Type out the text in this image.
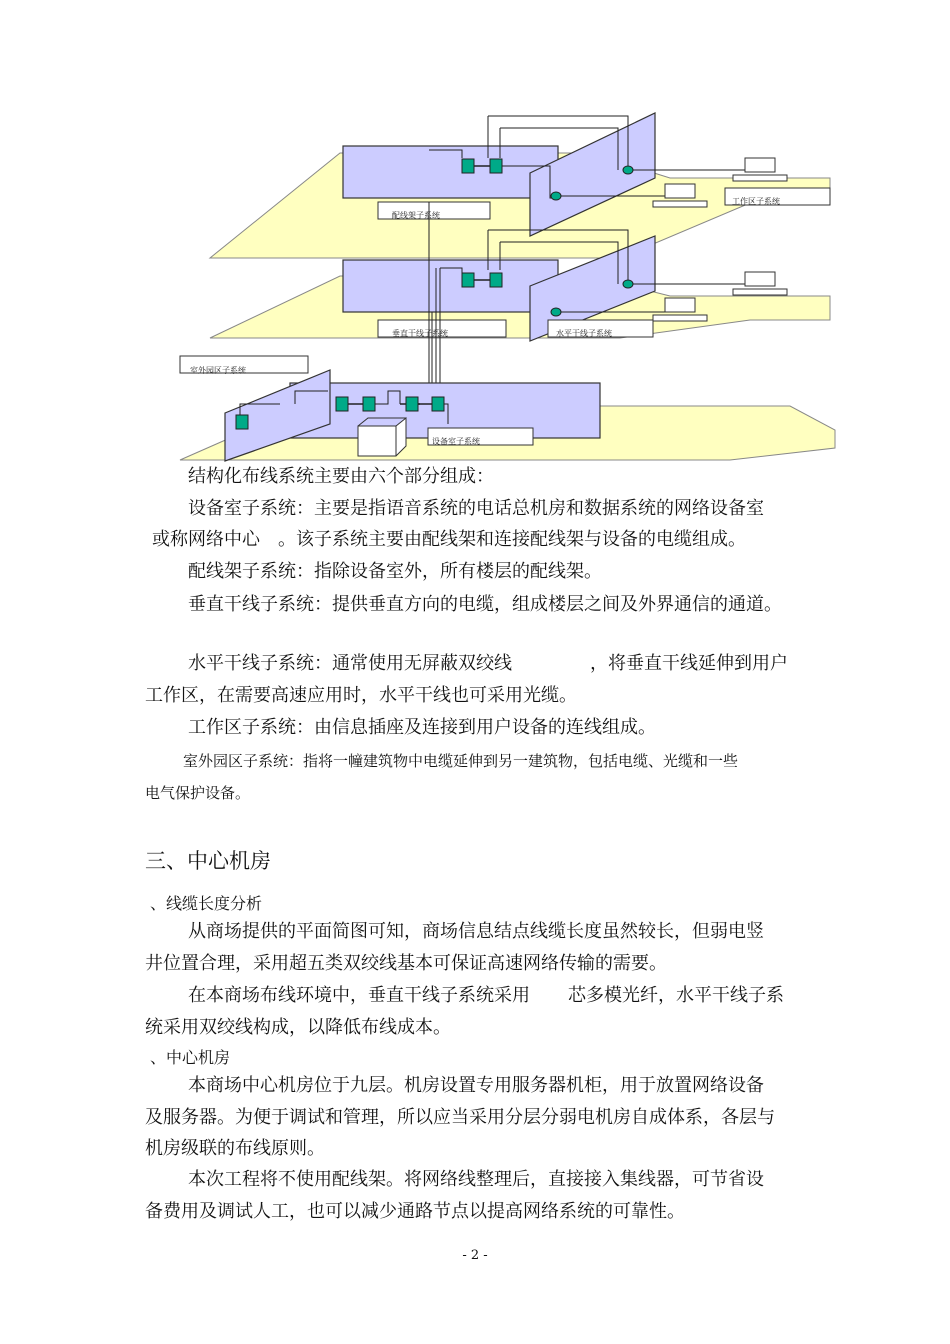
配线架子系统
工作区子系统
垂直干线子系统	水平干线子系统
设备室子系统
室外园区子系统
结构化布线系统主要由六个部分组成：
设备室子系统：主要是指语音系统的电话总机房和数据系统的网络设备室
或称网络中心　。该子系统主要由配线架和连接配线架与设备的电缆组成。
配线架子系统：指除设备室外，所有楼层的配线架。
垂直干线子系统：提供垂直方向的电缆，组成楼层之间及外界通信的通道。
水平干线子系统：通常使用无屏蔽双绞线	，将垂直干线延伸到用户
工作区，在需要高速应用时，水平干线也可采用光缆。
工作区子系统：由信息插座及连接到用户设备的连线组成。
室外园区子系统：指将一幢建筑物中电缆延伸到另一建筑物，包括电缆、光缆和一些
电气保护设备。
三、中心机房
、线缆长度分析
从商场提供的平面简图可知，商场信息结点线缆长度虽然较长，但弱电竖
井位置合理，采用超五类双绞线基本可保证高速网络传输的需要。
在本商场布线环境中，垂直干线子系统采用 芯多模光纤，水平干线子系
统采用双绞线构成，以降低布线成本。
、中心机房
本商场中心机房位于九层。机房设置专用服务器机柜，用于放置网络设备
及服务器。为便于调试和管理，所以应当采用分层分弱电机房自成体系，各层与
机房级联的布线原则。
本次工程将不使用配线架。将网络线整理后，直接接入集线器，可节省设
备费用及调试人工，也可以减少通路节点以提高网络系统的可靠性。
- 2 -
